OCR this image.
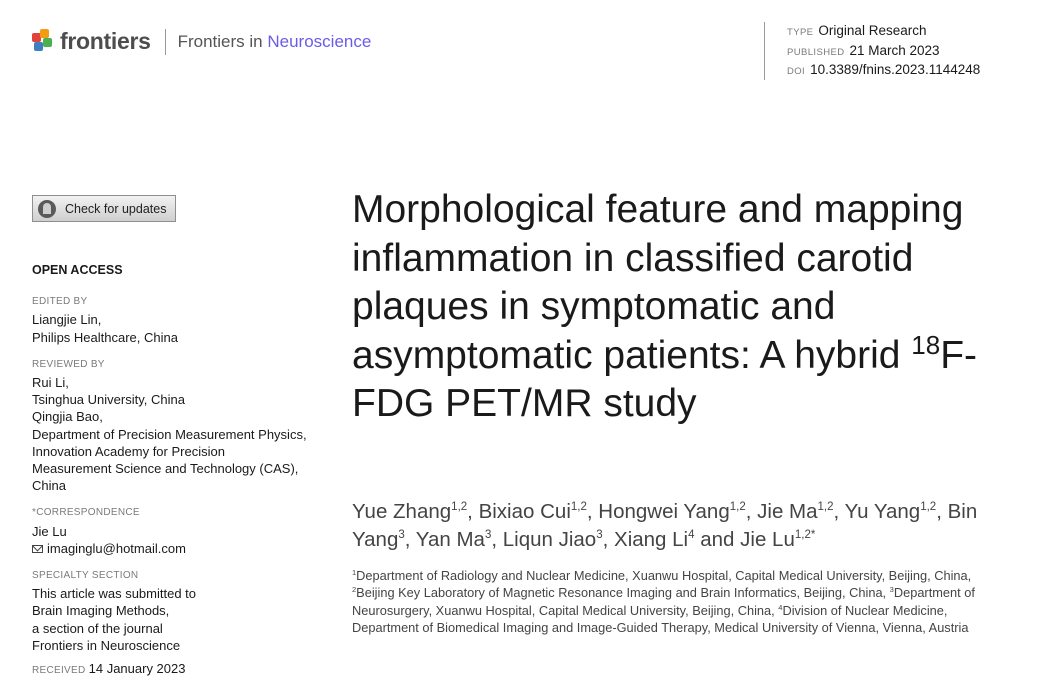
frontiers Frontiers in Neuroscience	TYPE Original Research
PUBLISHED 21 March 2023
DOI 10.3389/fnins.2023.1144248
Check for updates
OPEN ACCESS
EDITED BY
Liangjie Lin,
Philips Healthcare, China
REVIEWED BY
Rui Li,
Tsinghua University, China
Qingjia Bao,
Department of Precision Measurement Physics,
Innovation Academy for Precision
Measurement Science and Technology (CAS),
China
*CORRESPONDENCE
Jie Lu
imaginglu@hotmail.com
SPECIALTY SECTION
This article was submitted to
Brain Imaging Methods,
a section of the journal
Frontiers in Neuroscience
RECEIVED 14 January 2023
Morphological feature and mapping inflammation in classified carotid plaques in symptomatic and asymptomatic patients: A hybrid $^{18}$F-FDG PET/MR study
Yue Zhang$^{1,2}$, Bixiao Cui$^{1,2}$, Hongwei Yang$^{1,2}$, Jie Ma$^{1,2}$, Yu Yang$^{1,2}$, Bin Yang$^3$, Yan Ma$^3$, Liqun Jiao$^3$, Xiang Li$^4$ and Jie $Lu^{1,2*}$
$^1$Department of Radiology and Nuclear Medicine, Xuanwu Hospital, Capital Medical University, Beijing, China, $^2$Beijing Key Laboratory of Magnetic Resonance Imaging and Brain Informatics, Beijing, China, $^3$Department of Neurosurgery, Xuanwu Hospital, Capital Medical University, Beijing, China, $^4$Division of Nuclear Medicine, Department of Biomedical Imaging and Image-Guided Therapy, Medical University of Vienna, Vienna, Austria
